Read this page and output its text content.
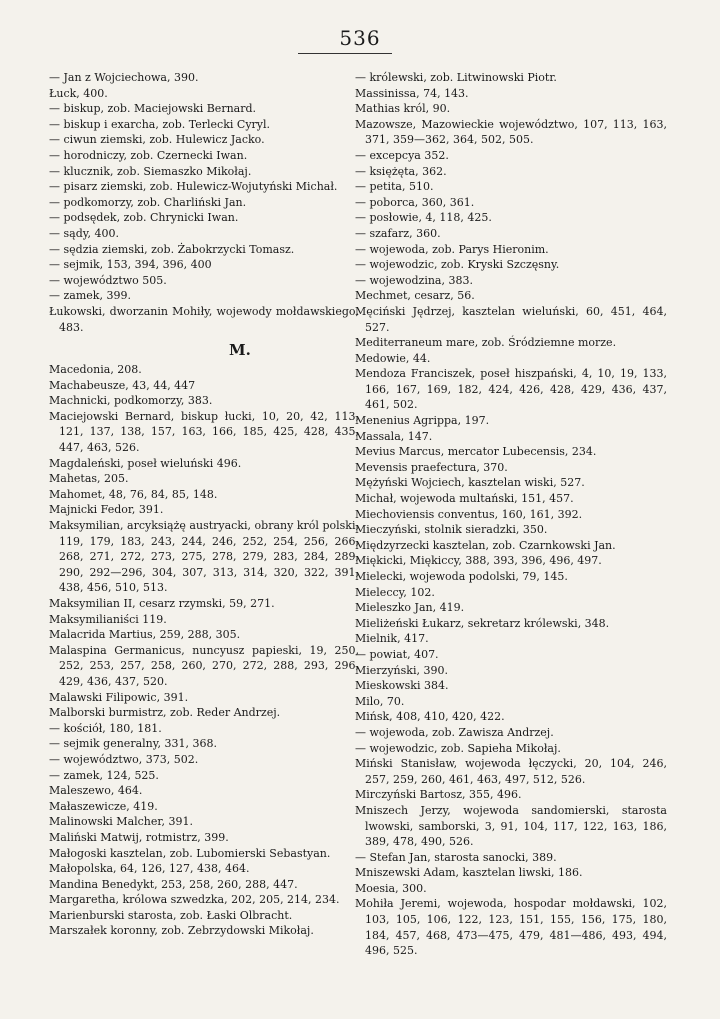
536
— Jan z Wojciechowa, 390.
Łuck, 400.
— biskup, zob. Maciejowski Bernard.
— biskup i exarcha, zob. Terlecki Cyryl.
— ciwun ziemski, zob. Hulewicz Jacko.
— horodniczy, zob. Czernecki Iwan.
— klucznik, zob. Siemaszko Mikołaj.
— pisarz ziemski, zob. Hulewicz-Wojutyński Michał.
— podkomorzy, zob. Charliński Jan.
— podsędek, zob. Chrynicki Iwan.
— sądy, 400.
— sędzia ziemski, zob. Żabokrzycki Tomasz.
— sejmik, 153, 394, 396, 400
— województwo 505.
— zamek, 399.
Łukowski, dworzanin Mohiły, wojewody mołdawskiego, 483.
M.
Macedonia, 208.
Machabeusze, 43, 44, 447
Machnicki, podkomorzy, 383.
Maciejowski Bernard, biskup łucki, 10, 20, 42, 113, 121, 137, 138, 157, 163, 166, 185, 425, 428, 435, 447, 463, 526.
Magdaleński, poseł wieluński 496.
Mahetas, 205.
Mahomet, 48, 76, 84, 85, 148.
Majnicki Fedor, 391.
Maksymilian, arcyksiążę austryacki, obrany król polski, 119, 179, 183, 243, 244, 246, 252, 254, 256, 266, 268, 271, 272, 273, 275, 278, 279, 283, 284, 289, 290, 292—296, 304, 307, 313, 314, 320, 322, 391, 438, 456, 510, 513.
Maksymilian II, cesarz rzymski, 59, 271.
Maksymilianiści 119.
Malacrida Martius, 259, 288, 305.
Malaspina Germanicus, nuncyusz papieski, 19, 250, 252, 253, 257, 258, 260, 270, 272, 288, 293, 296, 429, 436, 437, 520.
Malawski Filipowic, 391.
Malborski burmistrz, zob. Reder Andrzej.
— kościół, 180, 181.
— sejmik generalny, 331, 368.
— województwo, 373, 502.
— zamek, 124, 525.
Maleszewo, 464.
Małaszewicze, 419.
Malinowski Malcher, 391.
Maliński Matwij, rotmistrz, 399.
Małogoski kasztelan, zob. Lubomierski Sebastyan.
Małopolska, 64, 126, 127, 438, 464.
Mandina Benedykt, 253, 258, 260, 288, 447.
Margaretha, królowa szwedzka, 202, 205, 214, 234.
Marienburski starosta, zob. Łaski Olbracht.
Marszałek koronny, zob. Zebrzydowski Mikołaj.
— królewski, zob. Litwinowski Piotr.
Massinissa, 74, 143.
Mathias król, 90.
Mazowsze, Mazowieckie województwo, 107, 113, 163, 371, 359—362, 364, 502, 505.
— excepcya 352.
— księżęta, 362.
— petita, 510.
— poborca, 360, 361.
— posłowie, 4, 118, 425.
— szafarz, 360.
— wojewoda, zob. Parys Hieronim.
— wojewodzic, zob. Kryski Szczęsny.
— wojewodzina, 383.
Mechmet, cesarz, 56.
Męciński Jędrzej, kasztelan wieluński, 60, 451, 464, 527.
Mediterraneum mare, zob. Śródziemne morze.
Medowie, 44.
Mendoza Franciszek, poseł hiszpański, 4, 10, 19, 133, 166, 167, 169, 182, 424, 426, 428, 429, 436, 437, 461, 502.
Menenius Agrippa, 197.
Massala, 147.
Mevius Marcus, mercator Lubecensis, 234.
Mevensis praefectura, 370.
Mężyński Wojciech, kasztelan wiski, 527.
Michał, wojewoda multański, 151, 457.
Miechoviensis conventus, 160, 161, 392.
Mieczyński, stolnik sieradzki, 350.
Międzyrzecki kasztelan, zob. Czarnkowski Jan.
Miękicki, Miękiccy, 388, 393, 396, 496, 497.
Mielecki, wojewoda podolski, 79, 145.
Mieleccy, 102.
Mieleszko Jan, 419.
Mieliżeński Łukarz, sekretarz królewski, 348.
Mielnik, 417.
— powiat, 407.
Mierzyński, 390.
Mieskowski 384.
Milo, 70.
Mińsk, 408, 410, 420, 422.
— wojewoda, zob. Zawisza Andrzej.
— wojewodzic, zob. Sapieha Mikołaj.
Miński Stanisław, wojewoda łęczycki, 20, 104, 246, 257, 259, 260, 461, 463, 497, 512, 526.
Mirczyński Bartosz, 355, 496.
Mniszech Jerzy, wojewoda sandomierski, starosta lwowski, samborski, 3, 91, 104, 117, 122, 163, 186, 389, 478, 490, 526.
— Stefan Jan, starosta sanocki, 389.
Mniszewski Adam, kasztelan liwski, 186.
Moesia, 300.
Mohiła Jeremi, wojewoda, hospodar mołdawski, 102, 103, 105, 106, 122, 123, 151, 155, 156, 175, 180, 184, 457, 468, 473—475, 479, 481—486, 493, 494, 496, 525.
